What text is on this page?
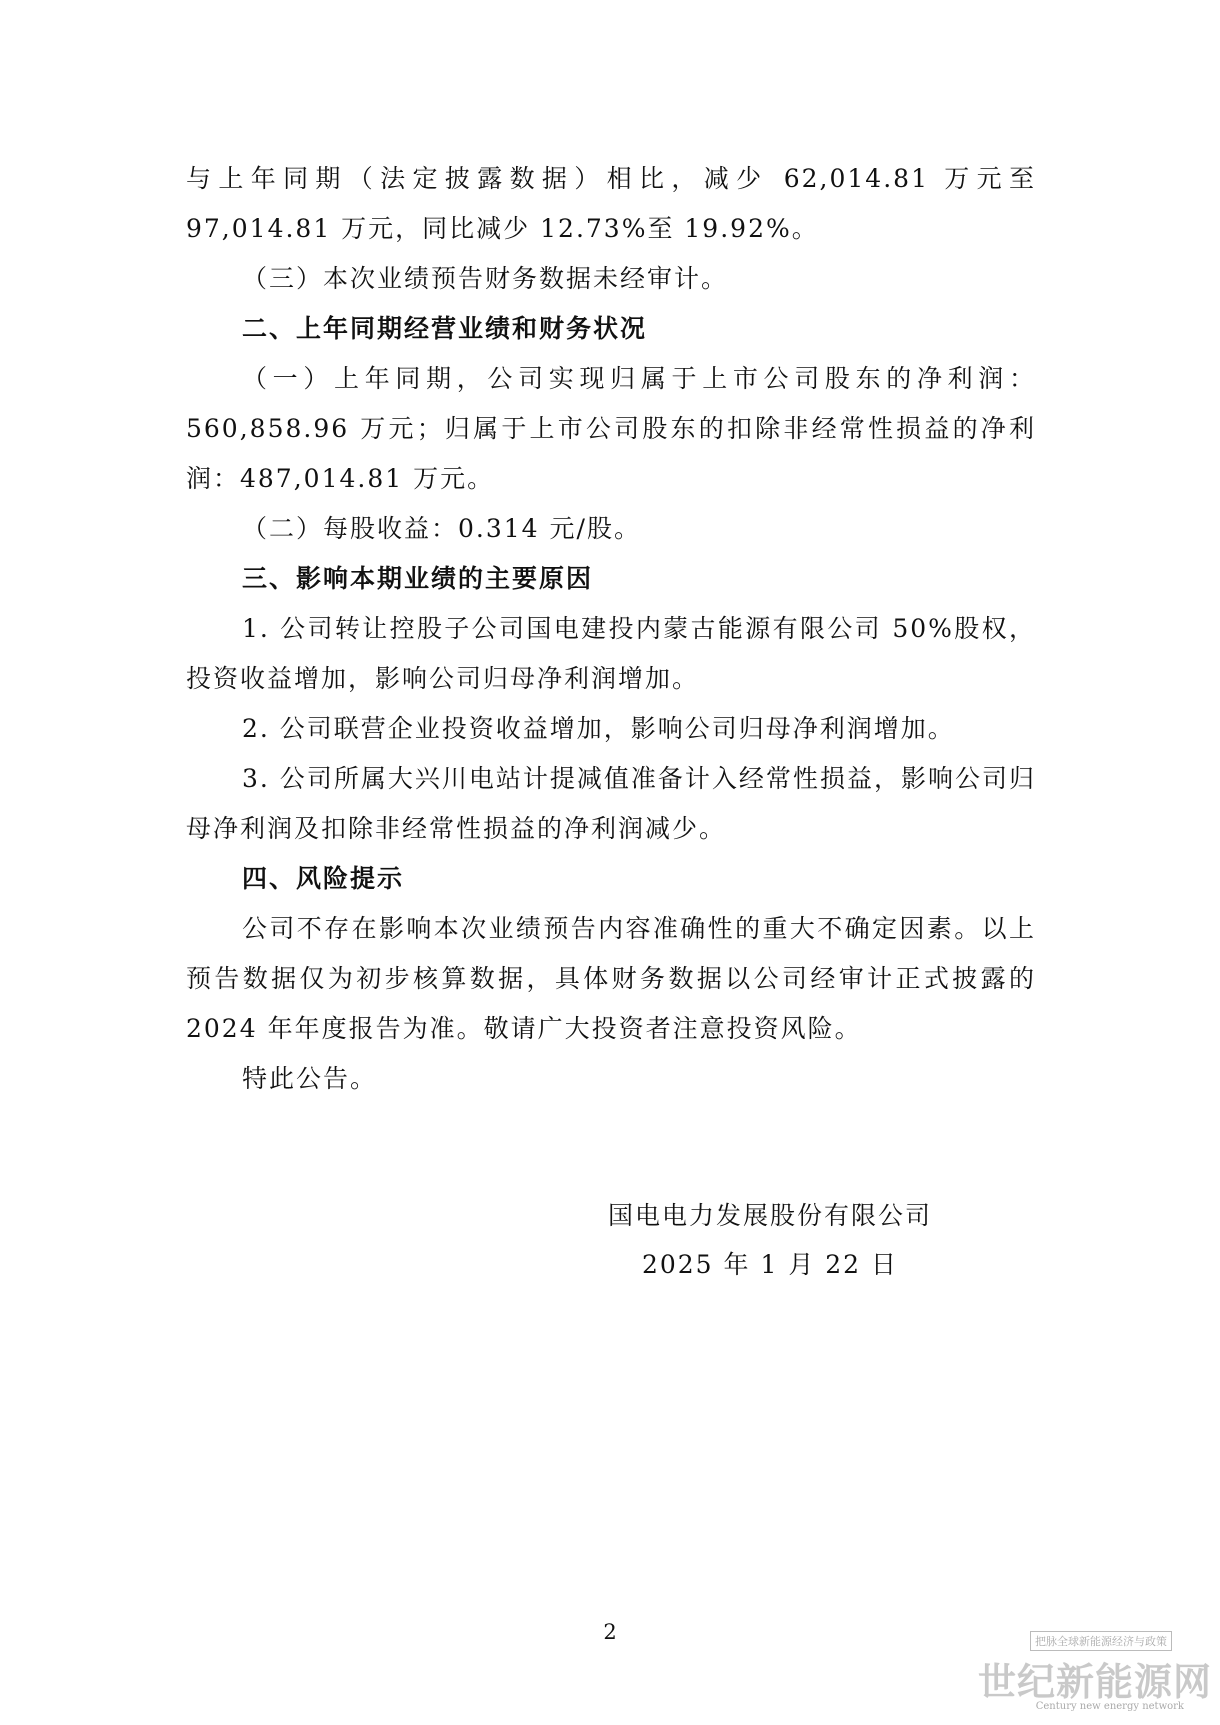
与上年同期（法定披露数据）相比，减少 62,014.81 万元至 97,014.81 万元，同比减少 12.73%至 19.92%。

（三）本次业绩预告财务数据未经审计。

二、上年同期经营业绩和财务状况

（一）上年同期，公司实现归属于上市公司股东的净利润：560,858.96 万元；归属于上市公司股东的扣除非经常性损益的净利润：487,014.81 万元。

（二）每股收益：0.314 元/股。

三、影响本期业绩的主要原因

1. 公司转让控股子公司国电建投内蒙古能源有限公司 50%股权，投资收益增加，影响公司归母净利润增加。

2. 公司联营企业投资收益增加，影响公司归母净利润增加。

3. 公司所属大兴川电站计提减值准备计入经常性损益，影响公司归母净利润及扣除非经常性损益的净利润减少。

四、风险提示

公司不存在影响本次业绩预告内容准确性的重大不确定因素。以上预告数据仅为初步核算数据，具体财务数据以公司经审计正式披露的 2024 年年度报告为准。敬请广大投资者注意投资风险。

特此公告。

国电电力发展股份有限公司
2025 年 1 月 22 日
2	把脉全球新能源经济与政策
世纪新能源网
Century new energy network
